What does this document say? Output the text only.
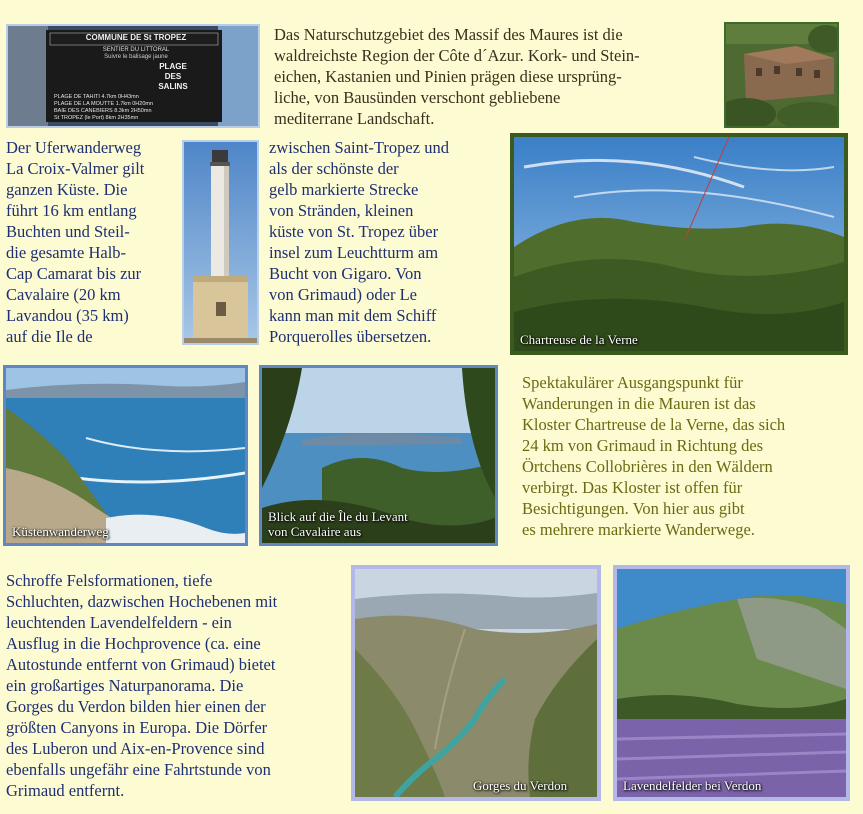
COMMUNE DE St TROPEZ
SENTIER DU LITTORAL
Suivre le balisage jaune
PLAGE
DES
SALINS
PLAGE DE TAHITI 4.7km 0H43mn
PLAGE DE LA MOUTTE 1.7km 0H20mn
BAIE DES CANEBIERS 8.3km 2H50mn
St TROPEZ (le Port) 8km 2H35mn
Das Naturschutzgebiet des Massif des Maures ist die
waldreichste Region der Côte d´Azur. Kork- und Stein-
eichen, Kastanien und Pinien prägen diese ursprüng-
liche, von Bausünden verschont gebliebene
mediterrane Landschaft.
Der Uferwanderweg
La Croix-Valmer gilt
ganzen Küste. Die
führt 16 km entlang
Buchten und Steil-
die gesamte Halb-
Cap Camarat bis zur
Cavalaire (20 km
Lavandou (35 km)
auf die Ile de
zwischen Saint-Tropez und
als der schönste der
gelb markierte Strecke
von Stränden, kleinen
küste von St. Tropez über
insel zum Leuchtturm am
Bucht von Gigaro. Von
von Grimaud) oder Le
kann man mit dem Schiff
Porquerolles übersetzen.	Chartreuse de la Verne
Küstenwanderweg
Blick auf die Île du Levant
von Cavalaire aus
Spektakulärer Ausgangspunkt für
Wanderungen in die Mauren ist das
Kloster Chartreuse de la Verne, das sich
24 km von Grimaud in Richtung des
Örtchens Collobrières in den Wäldern
verbirgt. Das Kloster ist offen für
Besichtigungen. Von hier aus gibt
es mehrere markierte Wanderwege.
Schroffe Felsformationen, tiefe
Schluchten, dazwischen Hochebenen mit
leuchtenden Lavendelfeldern - ein
Ausflug in die Hochprovence (ca. eine
Autostunde entfernt von Grimaud) bietet
ein großartiges Naturpanorama. Die
Gorges du Verdon bilden hier einen der
größten Canyons in Europa. Die Dörfer
des Luberon und Aix-en-Provence sind
ebenfalls ungefähr eine Fahrtstunde von
Grimaud entfernt.	Gorges du Verdon	Lavendelfelder bei Verdon
